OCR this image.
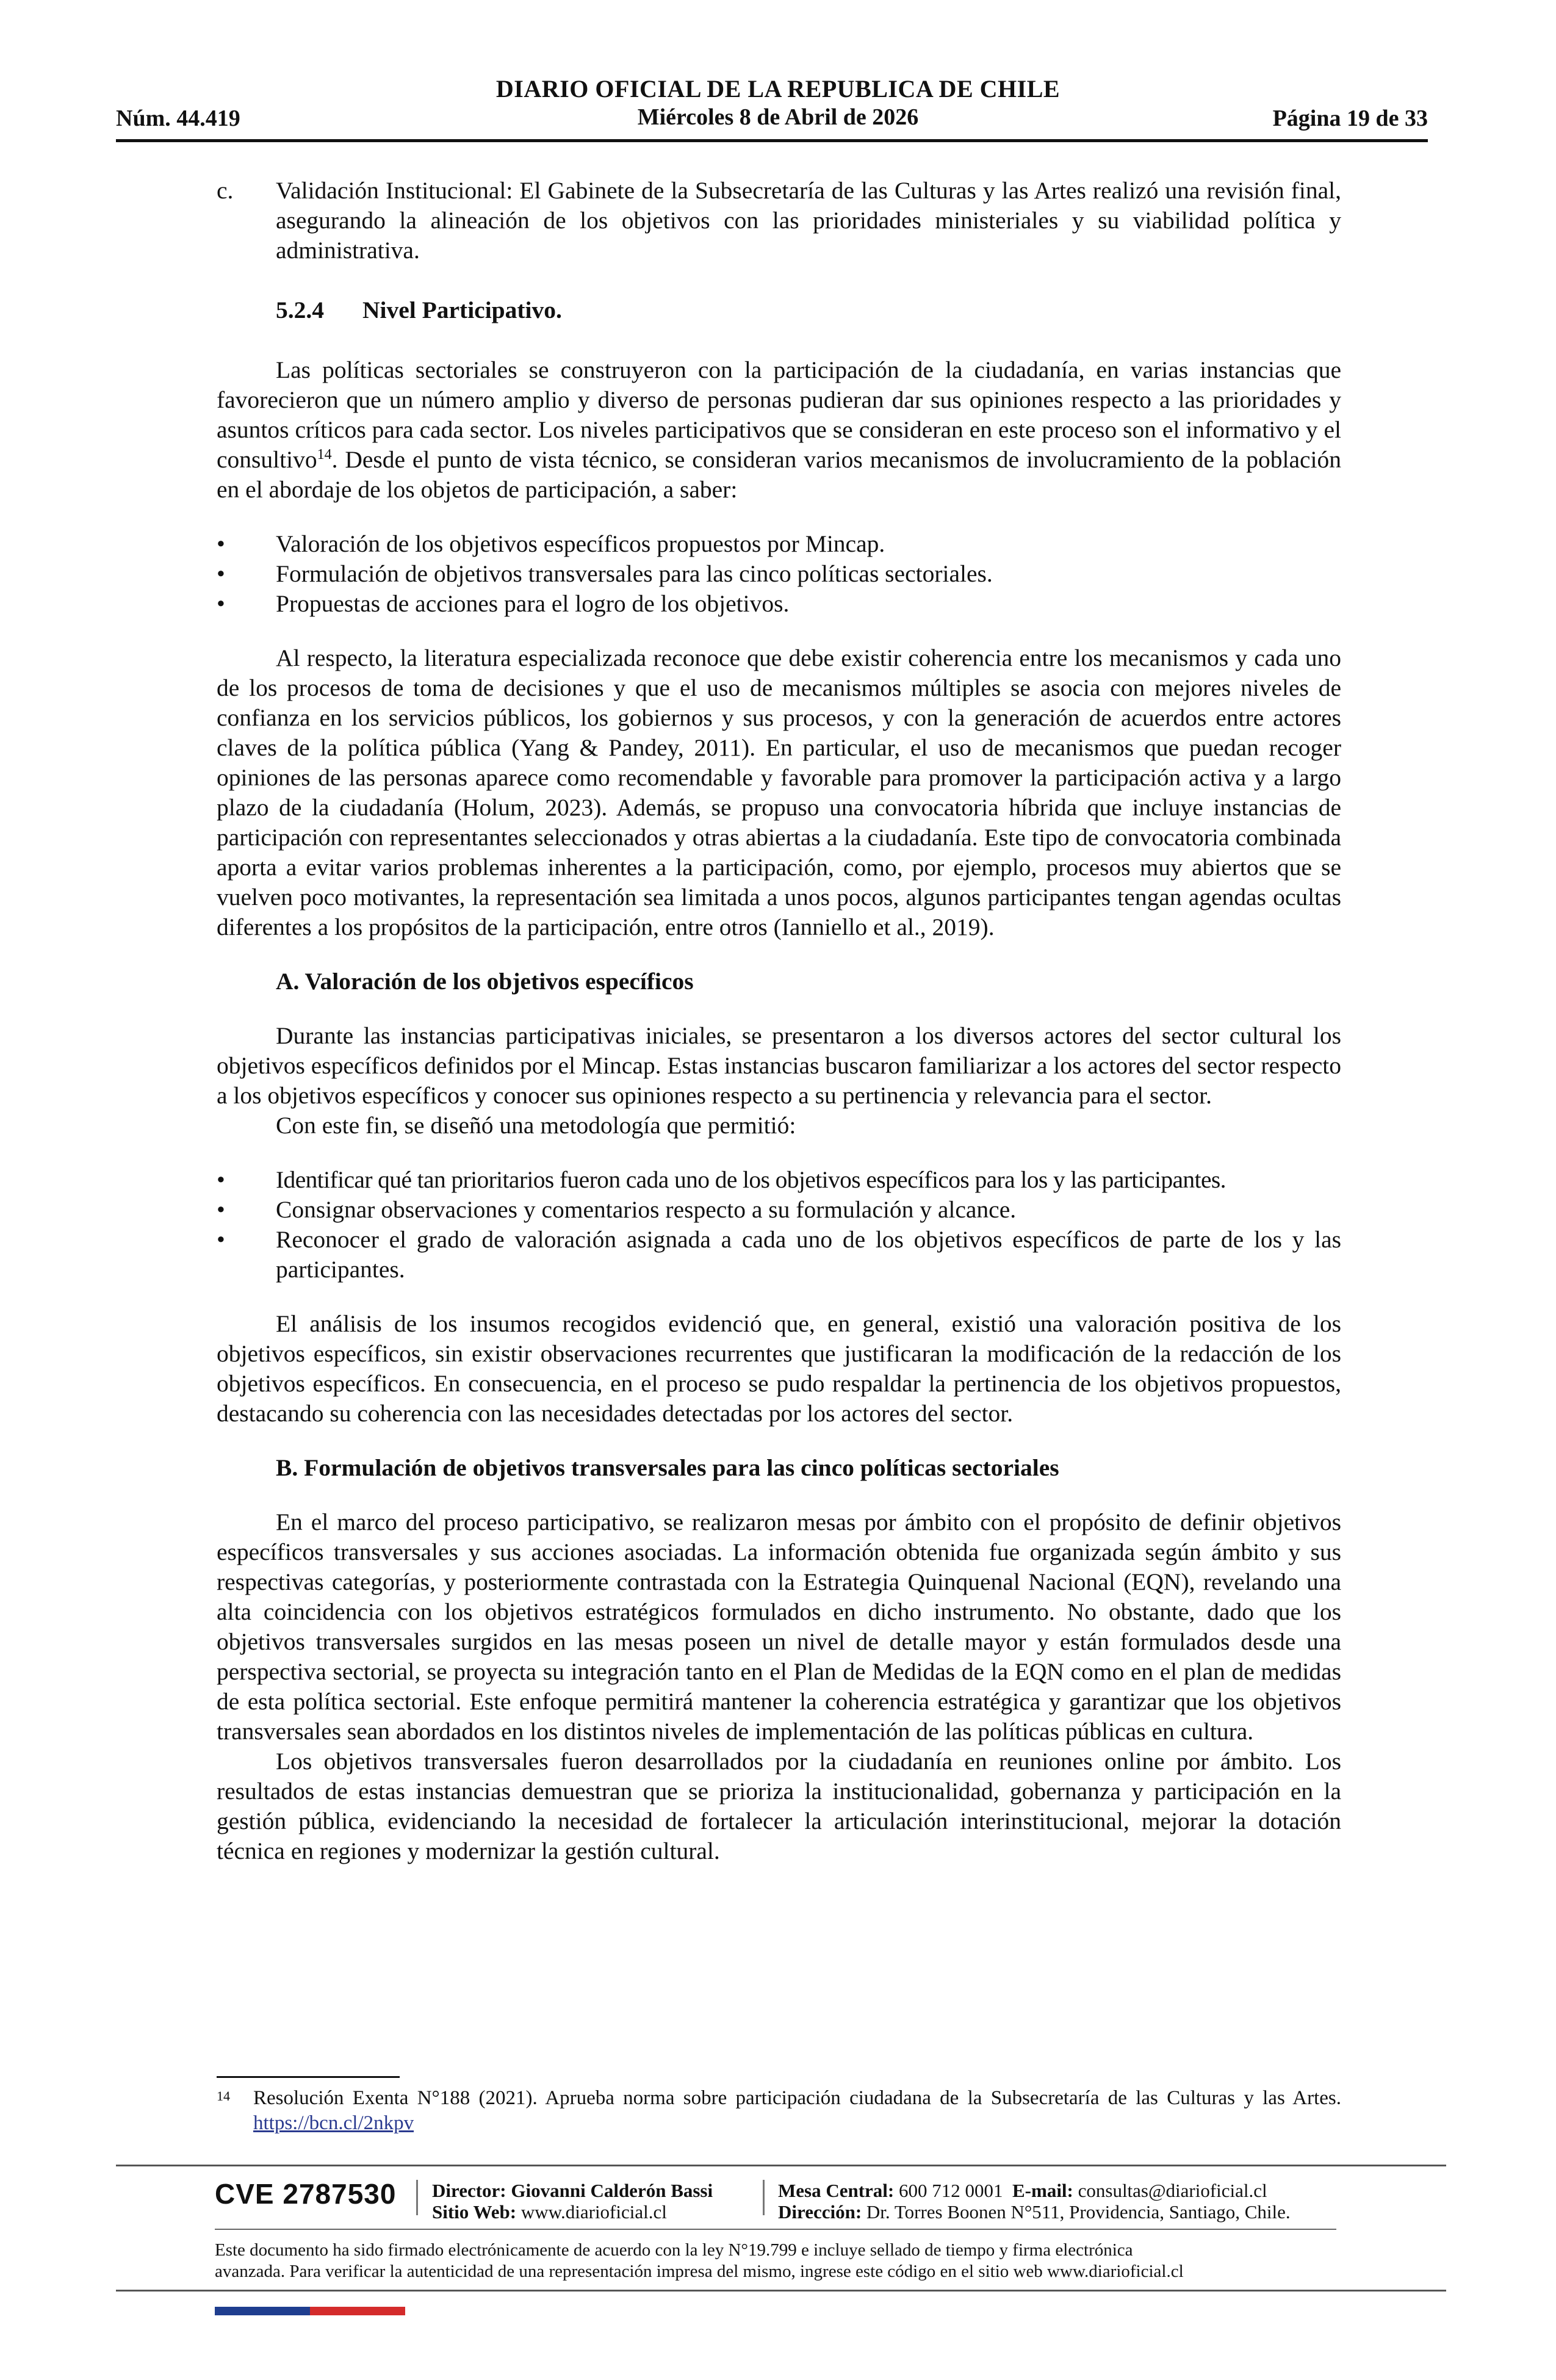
DIARIO OFICIAL DE LA REPUBLICA DE CHILE
Núm. 44.419	Miércoles 8 de Abril de 2026	Página 19 de 33

c. Validación Institucional: El Gabinete de la Subsecretaría de las Culturas y las Artes realizó una revisión final, asegurando la alineación de los objetivos con las prioridades ministeriales y su viabilidad política y administrativa.

5.2.4 Nivel Participativo.

Las políticas sectoriales se construyeron con la participación de la ciudadanía, en varias instancias que favorecieron que un número amplio y diverso de personas pudieran dar sus opiniones respecto a las prioridades y asuntos críticos para cada sector. Los niveles participativos que se consideran en este proceso son el informativo y el consultivo$^{14}$. Desde el punto de vista técnico, se consideran varios mecanismos de involucramiento de la población en el abordaje de los objetos de participación, a saber:

• Valoración de los objetivos específicos propuestos por Mincap.
• Formulación de objetivos transversales para las cinco políticas sectoriales.
• Propuestas de acciones para el logro de los objetivos.

Al respecto, la literatura especializada reconoce que debe existir coherencia entre los mecanismos y cada uno de los procesos de toma de decisiones y que el uso de mecanismos múltiples se asocia con mejores niveles de confianza en los servicios públicos, los gobiernos y sus procesos, y con la generación de acuerdos entre actores claves de la política pública (Yang & Pandey, 2011). En particular, el uso de mecanismos que puedan recoger opiniones de las personas aparece como recomendable y favorable para promover la participación activa y a largo plazo de la ciudadanía (Holum, 2023). Además, se propuso una convocatoria híbrida que incluye instancias de participación con representantes seleccionados y otras abiertas a la ciudadanía. Este tipo de convocatoria combinada aporta a evitar varios problemas inherentes a la participación, como, por ejemplo, procesos muy abiertos que se vuelven poco motivantes, la representación sea limitada a unos pocos, algunos participantes tengan agendas ocultas diferentes a los propósitos de la participación, entre otros (Ianniello et al., 2019).

A. Valoración de los objetivos específicos

Durante las instancias participativas iniciales, se presentaron a los diversos actores del sector cultural los objetivos específicos definidos por el Mincap. Estas instancias buscaron familiarizar a los actores del sector respecto a los objetivos específicos y conocer sus opiniones respecto a su pertinencia y relevancia para el sector.

Con este fin, se diseñó una metodología que permitió:

• Identificar qué tan prioritarios fueron cada uno de los objetivos específicos para los y las participantes.
• Consignar observaciones y comentarios respecto a su formulación y alcance.
• Reconocer el grado de valoración asignada a cada uno de los objetivos específicos de parte de los y las participantes.

El análisis de los insumos recogidos evidenció que, en general, existió una valoración positiva de los objetivos específicos, sin existir observaciones recurrentes que justificaran la modificación de la redacción de los objetivos específicos. En consecuencia, en el proceso se pudo respaldar la pertinencia de los objetivos propuestos, destacando su coherencia con las necesidades detectadas por los actores del sector.

B. Formulación de objetivos transversales para las cinco políticas sectoriales

En el marco del proceso participativo, se realizaron mesas por ámbito con el propósito de definir objetivos específicos transversales y sus acciones asociadas. La información obtenida fue organizada según ámbito y sus respectivas categorías, y posteriormente contrastada con la Estrategia Quinquenal Nacional (EQN), revelando una alta coincidencia con los objetivos estratégicos formulados en dicho instrumento. No obstante, dado que los objetivos transversales surgidos en las mesas poseen un nivel de detalle mayor y están formulados desde una perspectiva sectorial, se proyecta su integración tanto en el Plan de Medidas de la EQN como en el plan de medidas de esta política sectorial. Este enfoque permitirá mantener la coherencia estratégica y garantizar que los objetivos transversales sean abordados en los distintos niveles de implementación de las políticas públicas en cultura.

Los objetivos transversales fueron desarrollados por la ciudadanía en reuniones online por ámbito. Los resultados de estas instancias demuestran que se prioriza la institucionalidad, gobernanza y participación en la gestión pública, evidenciando la necesidad de fortalecer la articulación interinstitucional, mejorar la dotación técnica en regiones y modernizar la gestión cultural.

14	Resolución Exenta N°188 (2021). Aprueba norma sobre participación ciudadana de la Subsecretaría de las Culturas y las Artes. https://bcn.cl/2nkpv
CVE 2787530 Director: Giovanni Calderón Bassi
Sitio Web: www.diarioficial.cl
Mesa Central: 600 712 0001 E-mail: consultas@diarioficial.cl
Dirección: Dr. Torres Boonen N°511, Providencia, Santiago, Chile.
Este documento ha sido firmado electrónicamente de acuerdo con la ley N°19.799 e incluye sellado de tiempo y firma electrónica
avanzada. Para verificar la autenticidad de una representación impresa del mismo, ingrese este código en el sitio web www.diarioficial.cl
